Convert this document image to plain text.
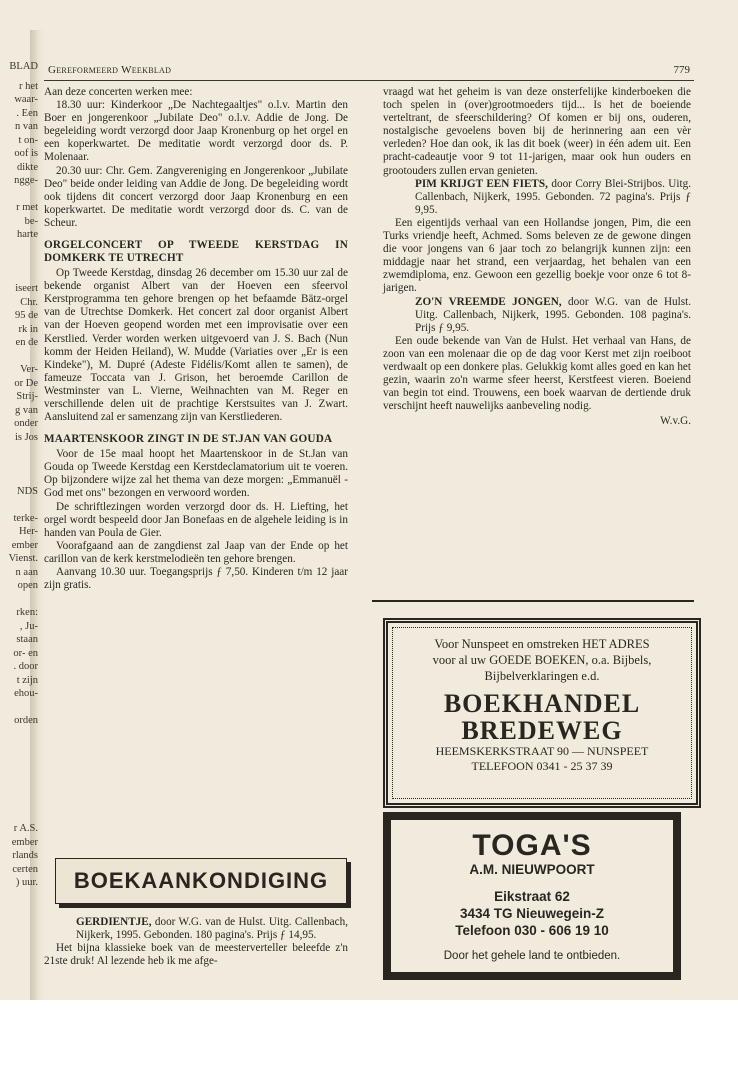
BLAD
r het
waar-
. Een
n van
t on-
oof is
dikte
ngge-

r met
be-
harte

iseert
Chr.
95 de
rk in
en de

Ver-
or De
Strij-
g van
onder
is Jos

NDS

terke-
Her-
ember
Vienst.
n aan
open

rken:
, Ju-
staan
or- en
. door
t zijn
ehou-

orden

r A.S.
ember
rlands
certen
) uur.
Gereformeerd Weekblad	779

Aan deze concerten werken mee:

18.30 uur: Kinderkoor „De Nachtegaaltjes" o.l.v. Martin den Boer en jongerenkoor „Jubilate Deo" o.l.v. Addie de Jong. De begeleiding wordt verzorgd door Jaap Kronenburg op het orgel en een koperkwartet. De meditatie wordt verzorgd door ds. P. Molenaar.

20.30 uur: Chr. Gem. Zangvereniging en Jongerenkoor „Jubilate Deo" beide onder leiding van Addie de Jong. De begeleiding wordt ook tijdens dit concert verzorgd door Jaap Kronenburg en een koperkwartet. De meditatie wordt verzorgd door ds. C. van de Scheur.

ORGELCONCERT OP TWEEDE KERSTDAG IN DOMKERK TE UTRECHT

Op Tweede Kerstdag, dinsdag 26 december om 15.30 uur zal de bekende organist Albert van der Hoeven een sfeervol Kerstprogramma ten gehore brengen op het befaamde Bätz-orgel van de Utrechtse Domkerk. Het concert zal door organist Albert van der Hoeven geopend worden met een improvisatie over een Kerstlied. Verder worden werken uitgevoerd van J. S. Bach (Nun komm der Heiden Heiland), W. Mudde (Variaties over „Er is een Kindeke"), M. Dupré (Adeste Fidélis/Komt allen te samen), de fameuze Toccata van J. Grison, het beroemde Carillon de Westminster van L. Vierne, Weihnachten van M. Reger en verschillende delen uit de prachtige Kerstsuites van J. Zwart. Aansluitend zal er samenzang zijn van Kerstliederen.

MAARTENSKOOR ZINGT IN DE ST.JAN VAN GOUDA

Voor de 15e maal hoopt het Maartenskoor in de St.Jan van Gouda op Tweede Kerstdag een Kerstdeclamatorium uit te voeren. Op bijzondere wijze zal het thema van deze morgen: „Emmanuël - God met ons" bezongen en verwoord worden.

De schriftlezingen worden verzorgd door ds. H. Liefting, het orgel wordt bespeeld door Jan Bonefaas en de algehele leiding is in handen van Poula de Gier.

Voorafgaand aan de zangdienst zal Jaap van der Ende op het carillon van de kerk kerstmelodieën ten gehore brengen.

Aanvang 10.30 uur. Toegangsprijs ƒ 7,50. Kinderen t/m 12 jaar zijn gratis.

BOEKAANKONDIGING

GERDIENTJE, door W.G. van de Hulst. Uitg. Callenbach, Nijkerk, 1995. Gebonden. 180 pagina's. Prijs ƒ 14,95.

Het bijna klassieke boek van de meesterverteller beleefde z'n 21ste druk! Al lezende heb ik me afge-

vraagd wat het geheim is van deze onsterfelijke kinderboeken die toch spelen in (over)grootmoeders tijd... Is het de boeiende verteltrant, de sfeerschildering? Of komen er bij ons, ouderen, nostalgische gevoelens boven bij de herinnering aan een vèr verleden? Hoe dan ook, ik las dit boek (weer) in één adem uit. Een pracht-cadeautje voor 9 tot 11-jarigen, maar ook hun ouders en grootouders zullen ervan genieten.

PIM KRIJGT EEN FIETS, door Corry Blei-Strijbos. Uitg. Callenbach, Nijkerk, 1995. Gebonden. 72 pagina's. Prijs ƒ 9,95.

Een eigentijds verhaal van een Hollandse jongen, Pim, die een Turks vriendje heeft, Achmed. Soms beleven ze de gewone dingen die voor jongens van 6 jaar toch zo belangrijk kunnen zijn: een middagje naar het strand, een verjaardag, het behalen van een zwemdiploma, enz. Gewoon een gezellig boekje voor onze 6 tot 8-jarigen.

ZO'N VREEMDE JONGEN, door W.G. van de Hulst. Uitg. Callenbach, Nijkerk, 1995. Gebonden. 108 pagina's. Prijs ƒ 9,95.

Een oude bekende van Van de Hulst. Het verhaal van Hans, de zoon van een molenaar die op de dag voor Kerst met zijn roeiboot verdwaalt op een donkere plas. Gelukkig komt alles goed en kan het gezin, waarin zo'n warme sfeer heerst, Kerstfeest vieren. Boeiend van begin tot eind. Trouwens, een boek waarvan de dertiende druk verschijnt heeft nauwelijks aanbeveling nodig.

W.v.G.
Voor Nunspeet en omstreken HET ADRES
voor al uw GOEDE BOEKEN, o.a. Bijbels,
Bijbelverklaringen e.d.
BOEKHANDEL
BREDEWEG
HEEMSKERKSTRAAT 90 — NUNSPEET
TELEFOON 0341 - 25 37 39
TOGA'S
A.M. NIEUWPOORT
Eikstraat 62
3434 TG Nieuwegein-Z
Telefoon 030 - 606 19 10
Door het gehele land te ontbieden.
